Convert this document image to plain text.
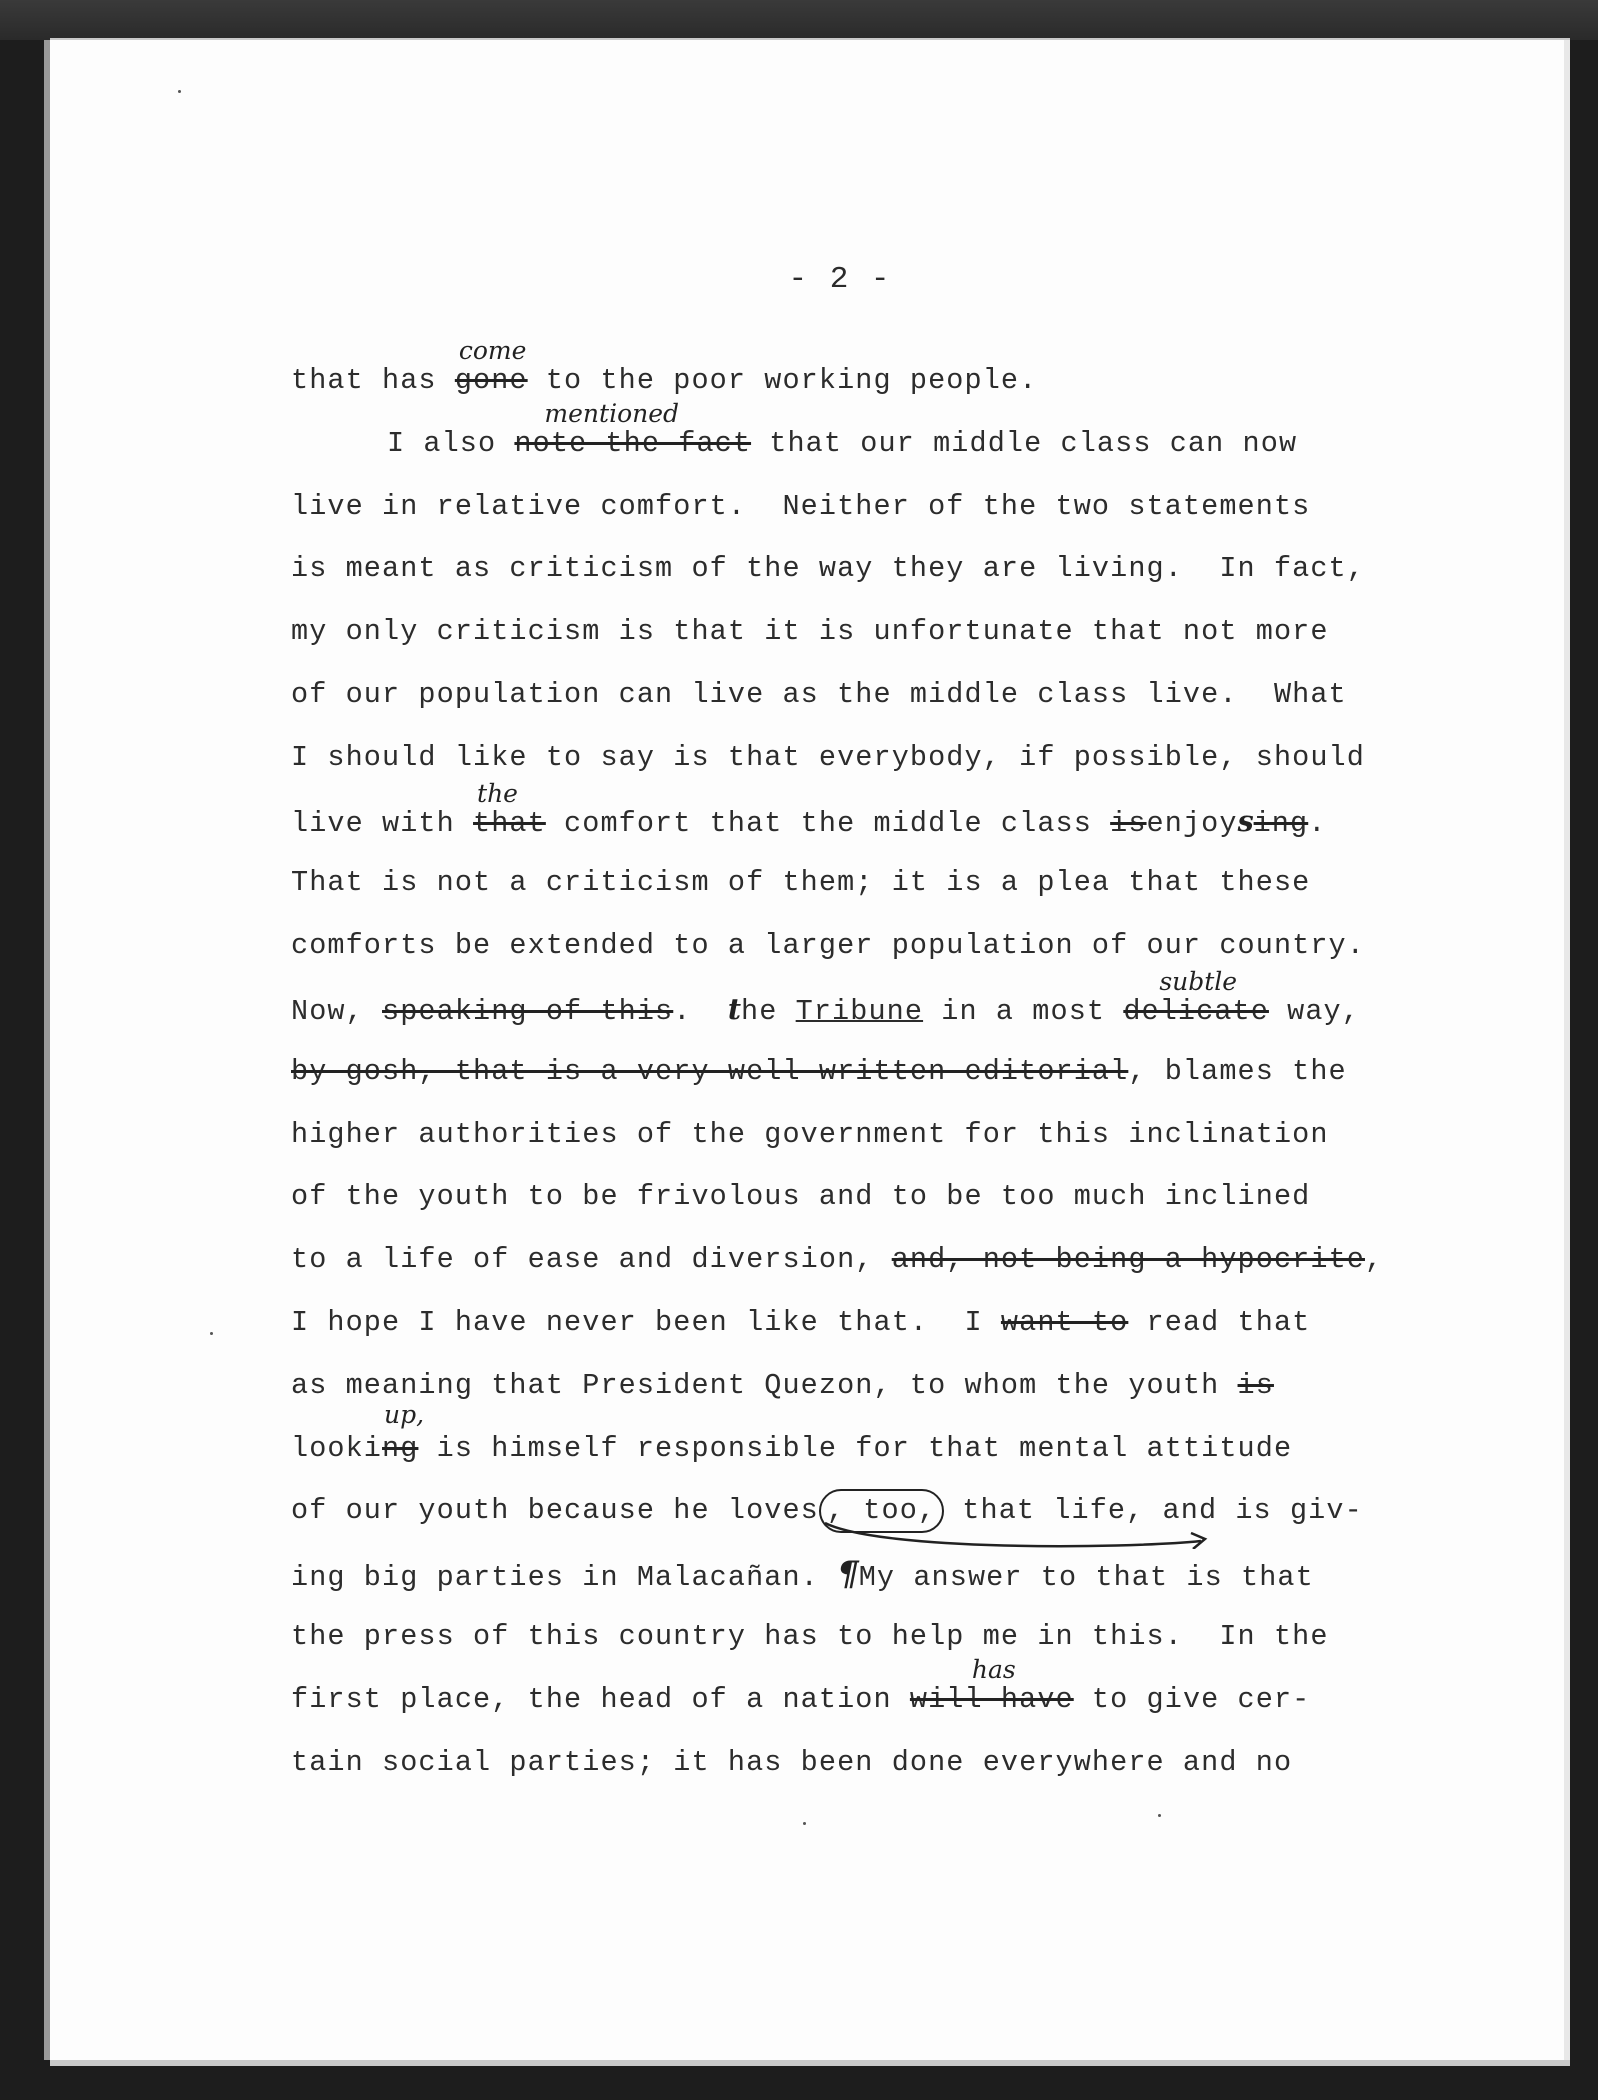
- 2 -
that has gone
come
to the poor working people.
I also note the fact
mentioned
that our middle class can now
live in relative comfort.  Neither of the two statements
is meant as criticism of the way they are living.  In fact,
my only criticism is that it is unfortunate that not more
of our population can live as the middle class live.  What
I should like to say is that everybody, if possible, should
live with that
the
comfort that the middle class isenjoysing.
That is not a criticism of them; it is a plea that these
comforts be extended to a larger population of our country.
Now, speaking of this.  the Tribune in a most delicate
subtle
way,
by gosh, that is a very well written editorial, blames the
higher authorities of the government for this inclination
of the youth to be frivolous and to be too much inclined
to a life of ease and diversion, and, not being a hypocrite,
I hope I have never been like that.  I want to read that
as meaning that President Quezon, to whom the youth is
looking
up,
is himself responsible for that mental attitude
of our youth because he loves , too, that life, and is giv-
ing big parties in Malacañan. ¶My answer to that is that
the press of this country has to help me in this.  In the
first place, the head of a nation will have
has
to give cer-
tain social parties; it has been done everywhere and no
